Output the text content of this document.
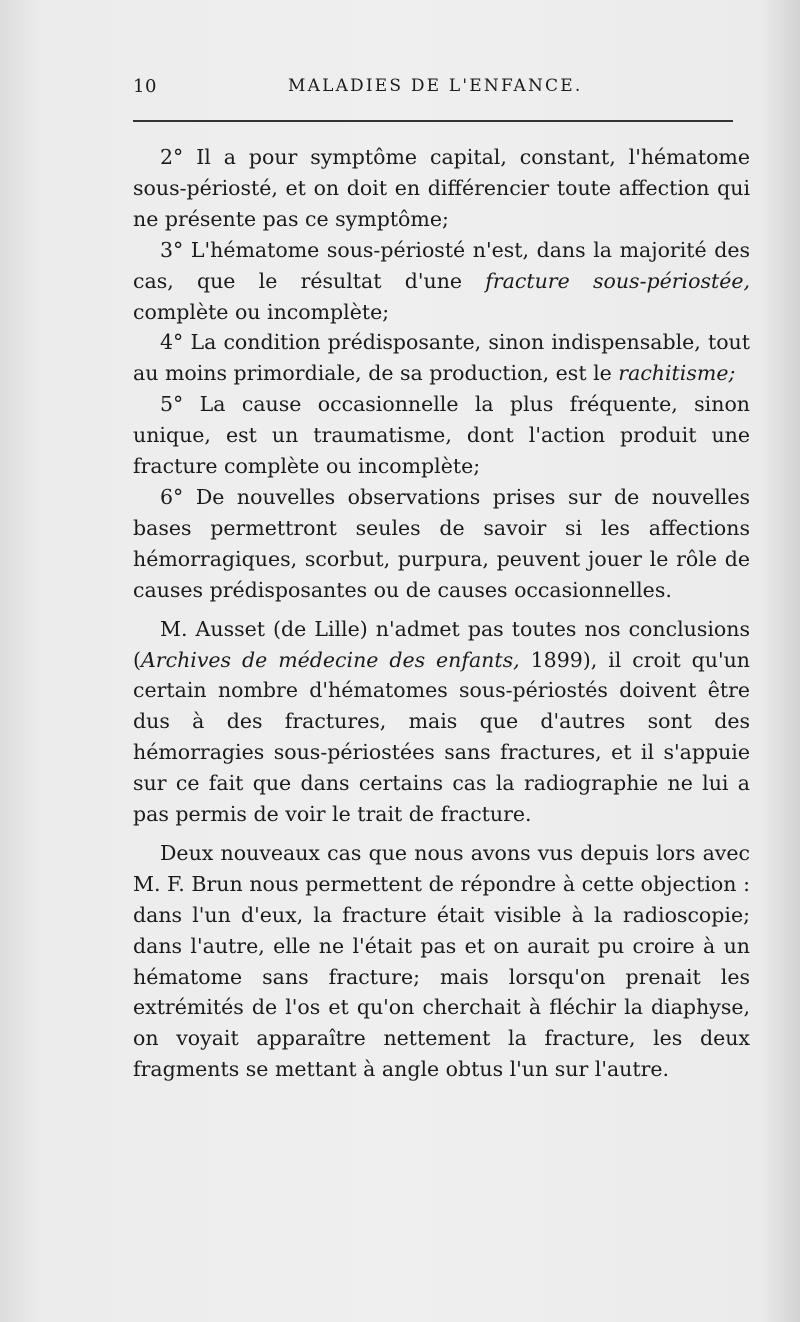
10	MALADIES DE L'ENFANCE.

2° Il a pour symptôme capital, constant, l'hématome sous-périosté, et on doit en différencier toute affection qui ne présente pas ce symptôme;

3° L'hématome sous-périosté n'est, dans la majorité des cas, que le résultat d'une fracture sous-périostée, complète ou incomplète;

4° La condition prédisposante, sinon indispensable, tout au moins primordiale, de sa production, est le rachitisme;

5° La cause occasionnelle la plus fréquente, sinon unique, est un traumatisme, dont l'action produit une fracture complète ou incomplète;

6° De nouvelles observations prises sur de nouvelles bases permettront seules de savoir si les affections hémorragiques, scorbut, purpura, peuvent jouer le rôle de causes prédisposantes ou de causes occasionnelles.

M. Ausset (de Lille) n'admet pas toutes nos conclusions (Archives de médecine des enfants, 1899), il croit qu'un certain nombre d'hématomes sous-périostés doivent être dus à des fractures, mais que d'autres sont des hémorragies sous-périostées sans fractures, et il s'appuie sur ce fait que dans certains cas la radiographie ne lui a pas permis de voir le trait de fracture.

Deux nouveaux cas que nous avons vus depuis lors avec M. F. Brun nous permettent de répondre à cette objection : dans l'un d'eux, la fracture était visible à la radioscopie; dans l'autre, elle ne l'était pas et on aurait pu croire à un hématome sans fracture; mais lorsqu'on prenait les extrémités de l'os et qu'on cherchait à fléchir la diaphyse, on voyait apparaître nettement la fracture, les deux fragments se mettant à angle obtus l'un sur l'autre.
